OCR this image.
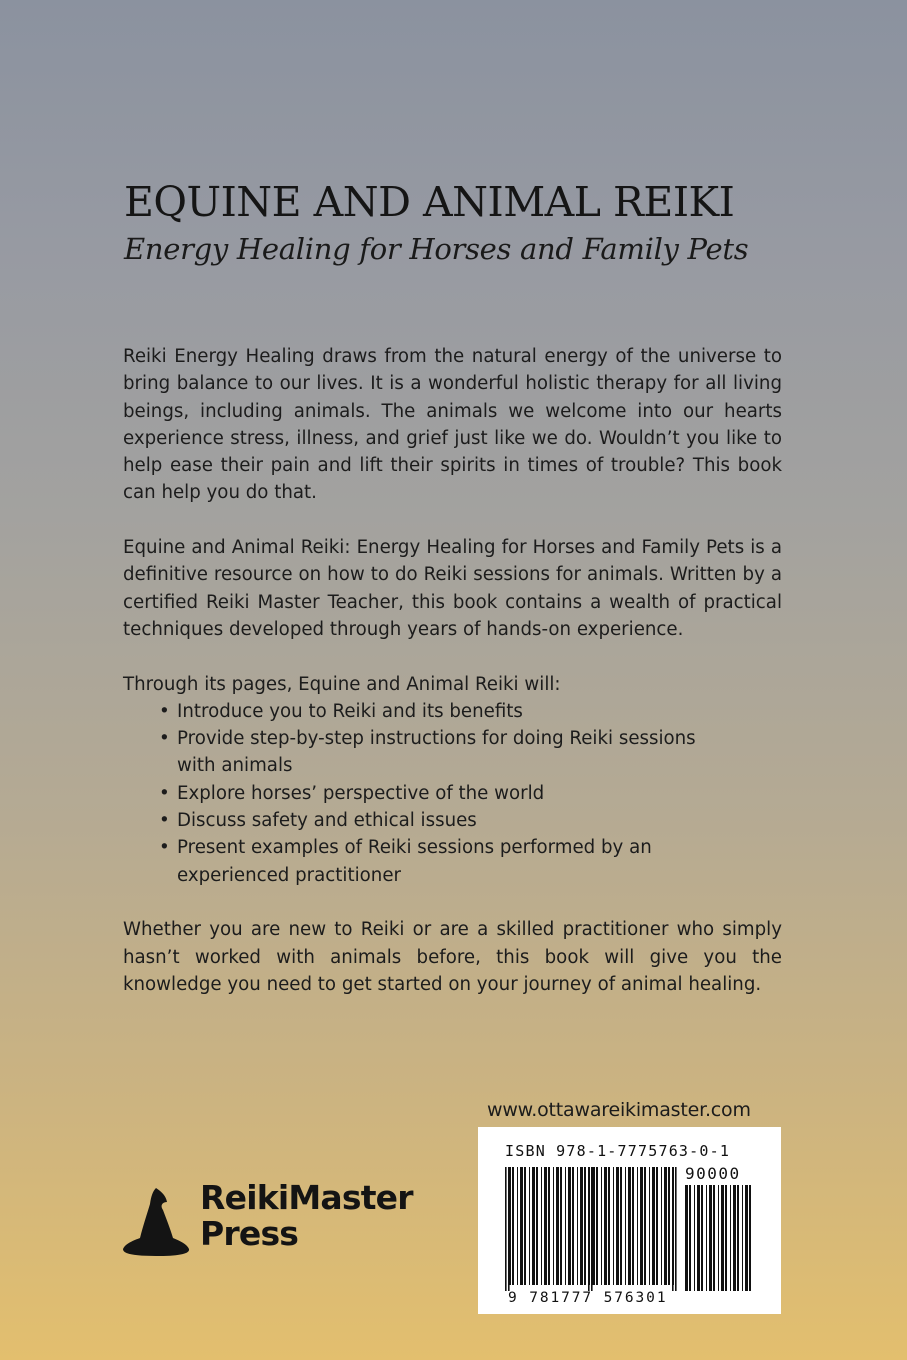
EQUINE AND ANIMAL REIKI
Energy Healing for Horses and Family Pets

Reiki Energy Healing draws from the natural energy of the universe to bring balance to our lives. It is a wonderful holistic therapy for all living beings, including animals. The animals we welcome into our hearts experience stress, illness, and grief just like we do. Wouldn’t you like to help ease their pain and lift their spirits in times of trouble? This book can help you do that.

Equine and Animal Reiki: Energy Healing for Horses and Family Pets is a definitive resource on how to do Reiki sessions for animals. Written by a certified Reiki Master Teacher, this book contains a wealth of practical techniques developed through years of hands-on experience.

Through its pages, Equine and Animal Reiki will:

• Introduce you to Reiki and its benefits
• Provide step-by-step instructions for doing Reiki sessions with animals
• Explore horses’ perspective of the world
• Discuss safety and ethical issues
• Present examples of Reiki sessions performed by an experienced practitioner

Whether you are new to Reiki or are a skilled practitioner who simply hasn’t worked with animals before, this book will give you the knowledge you need to get started on your journey of animal healing.

www.ottawareikimaster.com
ReikiMaster
Press
ISBN 978-1-7775763-0-1
90000
9 781777 576301
